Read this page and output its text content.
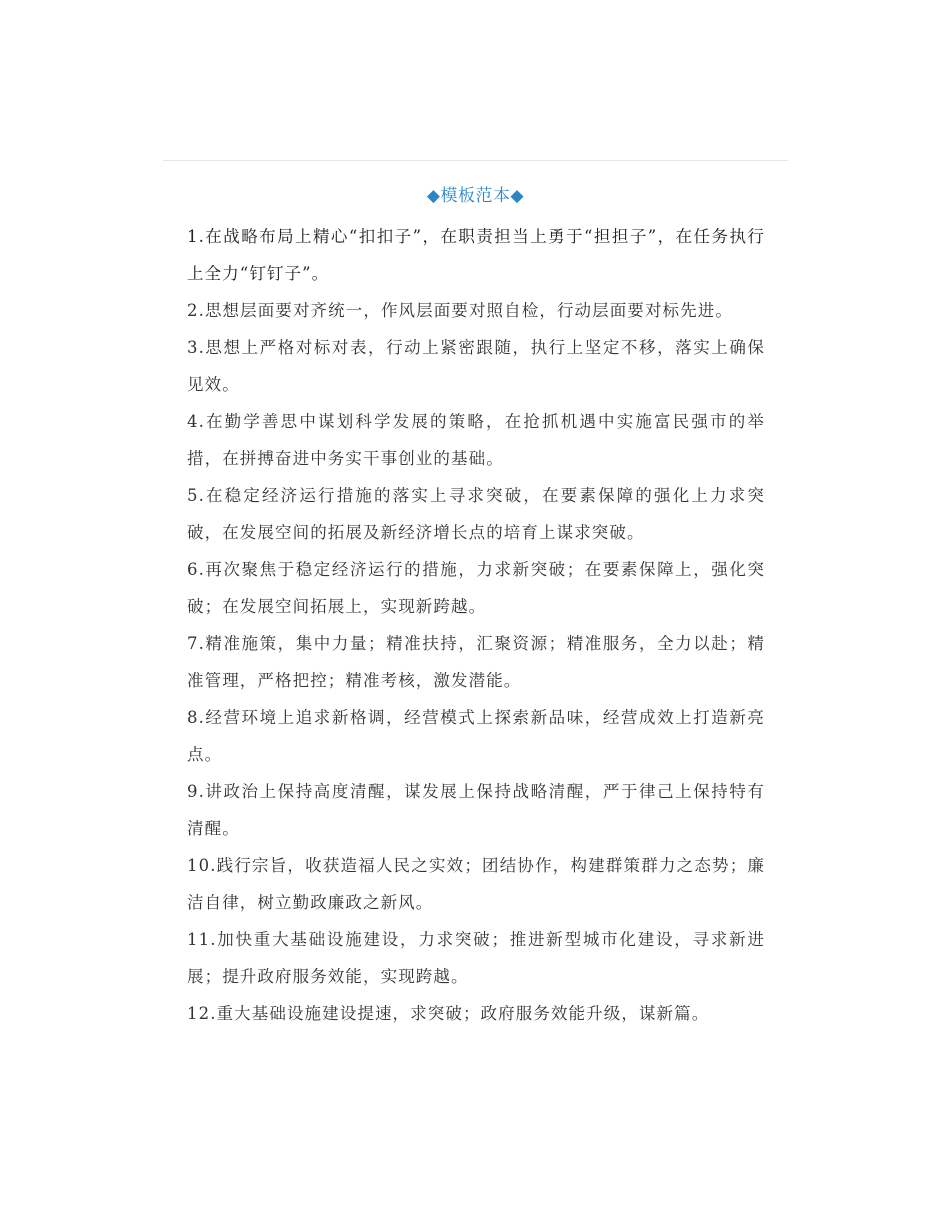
◆模板范本◆

1.在战略布局上精心“扣扣子”，在职责担当上勇于“担担子”，在任务执行上全力“钉钉子”。

2.思想层面要对齐统一，作风层面要对照自检，行动层面要对标先进。

3.思想上严格对标对表，行动上紧密跟随，执行上坚定不移，落实上确保见效。

4.在勤学善思中谋划科学发展的策略，在抢抓机遇中实施富民强市的举措，在拼搏奋进中务实干事创业的基础。

5.在稳定经济运行措施的落实上寻求突破，在要素保障的强化上力求突破，在发展空间的拓展及新经济增长点的培育上谋求突破。

6.再次聚焦于稳定经济运行的措施，力求新突破；在要素保障上，强化突破；在发展空间拓展上，实现新跨越。

7.精准施策，集中力量；精准扶持，汇聚资源；精准服务，全力以赴；精准管理，严格把控；精准考核，激发潜能。

8.经营环境上追求新格调，经营模式上探索新品味，经营成效上打造新亮点。

9.讲政治上保持高度清醒，谋发展上保持战略清醒，严于律己上保持特有清醒。

10.践行宗旨，收获造福人民之实效；团结协作，构建群策群力之态势；廉洁自律，树立勤政廉政之新风。

11.加快重大基础设施建设，力求突破；推进新型城市化建设，寻求新进展；提升政府服务效能，实现跨越。

12.重大基础设施建设提速，求突破；政府服务效能升级，谋新篇。
